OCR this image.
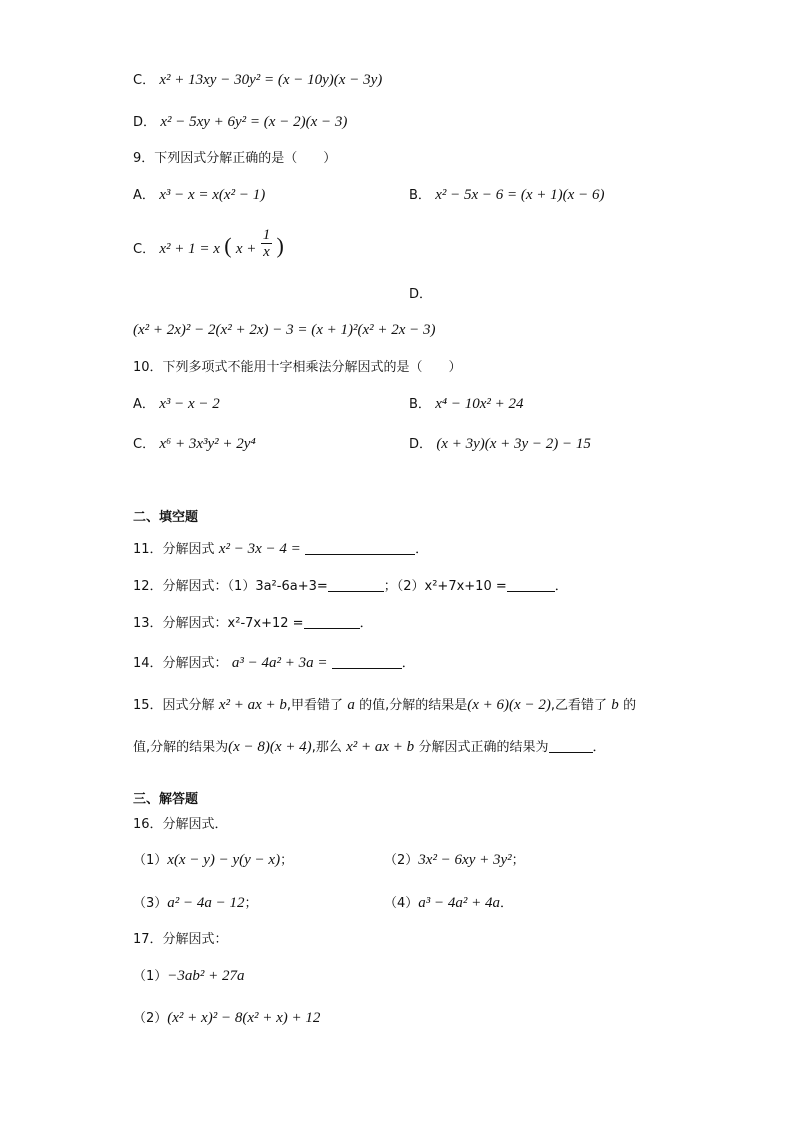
C． x² + 13xy − 30y² = (x − 10y)(x − 3y)
D． x² − 5xy + 6y² = (x − 2)(x − 3)
9．下列因式分解正确的是（　　）
A． x³ − x = x(x² − 1)	B． x² − 5x − 6 = (x + 1)(x − 6)
C． x² + 1 = x ( $x + \frac{1}{x}$ )
D．
(x² + 2x)² − 2(x² + 2x) − 3 = (x + 1)²(x² + 2x − 3)
10．下列多项式不能用十字相乘法分解因式的是（　　）
A． x³ − x − 2	B． x⁴ − 10x² + 24
C． x⁶ + 3x³y² + 2y⁴	D． (x + 3y)(x + 3y − 2) − 15
二、填空题
11．分解因式 x² − 3x − 4 =	．
12．分解因式：（1）3a²-6a+3=	；（2）x²+7x+10 =	．
13．分解因式：x²-7x+12 =	．
14．分解因式： a³ − 4a² + 3a =	．
15．因式分解 x² + ax + b,甲看错了 a 的值,分解的结果是(x + 6)(x − 2),乙看错了 b 的
值,分解的结果为(x − 8)(x + 4),那么 x² + ax + b 分解因式正确的结果为	．
三、解答题
16．分解因式．
（1）x(x − y) − y(y − x)；	（2）3x² − 6xy + 3y²；
（3）a² − 4a − 12；	（4）a³ − 4a² + 4a．
17．分解因式：
（1）−3ab² + 27a
（2）(x² + x)² − 8(x² + x) + 12
